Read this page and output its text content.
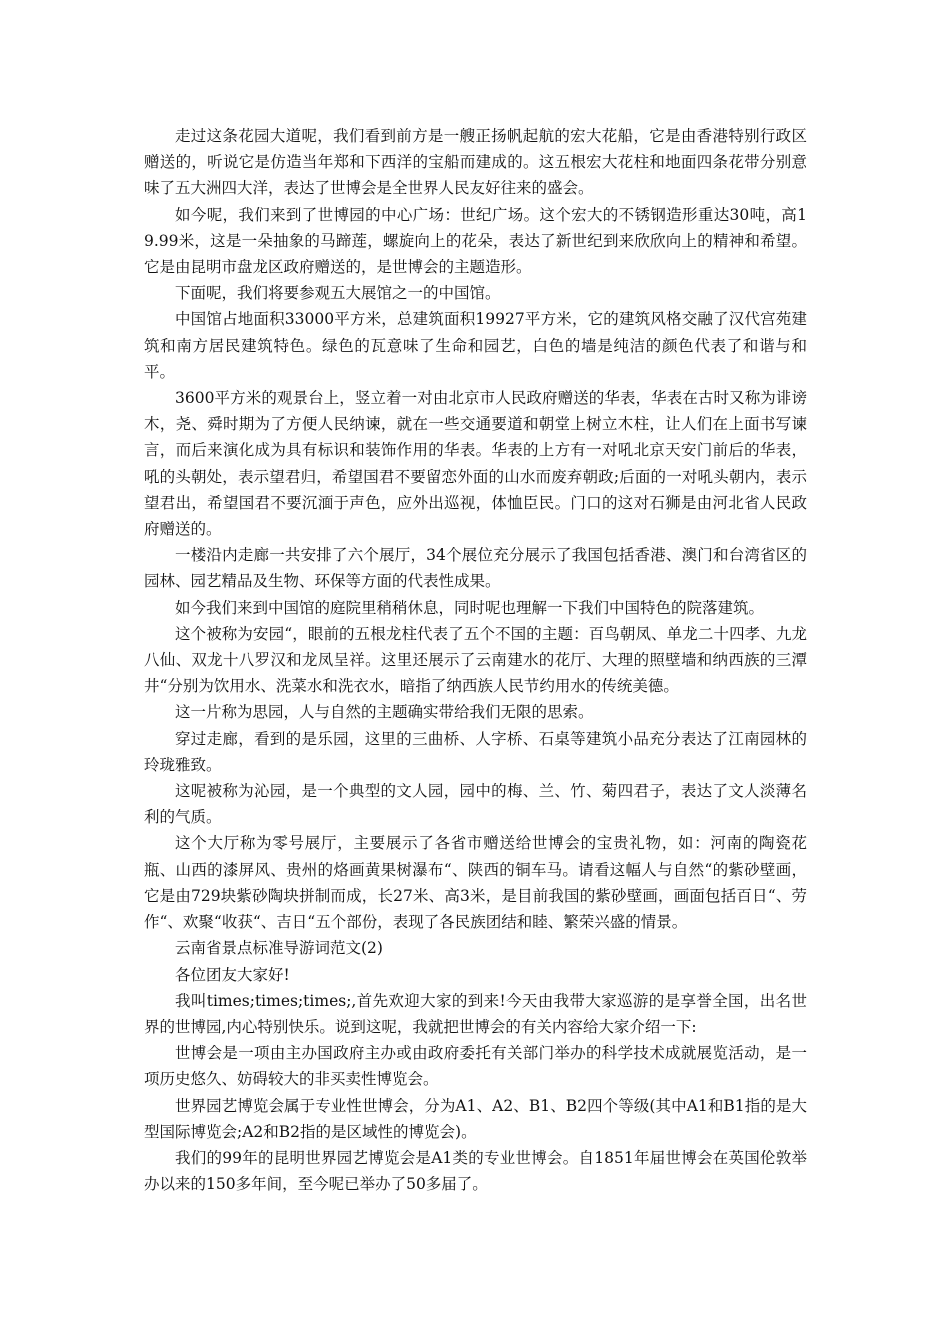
走过这条花园大道呢，我们看到前方是一艘正扬帆起航的宏大花船，它是由香港特别行政区赠送的，听说它是仿造当年郑和下西洋的宝船而建成的。这五根宏大花柱和地面四条花带分别意味了五大洲四大洋，表达了世博会是全世界人民友好往来的盛会。

如今呢，我们来到了世博园的中心广场：世纪广场。这个宏大的不锈钢造形重达30吨，高19.99米，这是一朵抽象的马蹄莲，螺旋向上的花朵，表达了新世纪到来欣欣向上的精神和希望。它是由昆明市盘龙区政府赠送的，是世博会的主题造形。

下面呢，我们将要参观五大展馆之一的中国馆。

中国馆占地面积33000平方米，总建筑面积19927平方米，它的建筑风格交融了汉代宫苑建筑和南方居民建筑特色。绿色的瓦意味了生命和园艺，白色的墙是纯洁的颜色代表了和谐与和平。

3600平方米的观景台上，竖立着一对由北京市人民政府赠送的华表，华表在古时又称为诽谤木，尧、舜时期为了方便人民纳谏，就在一些交通要道和朝堂上树立木柱，让人们在上面书写谏言，而后来演化成为具有标识和装饰作用的华表。华表的上方有一对吼北京天安门前后的华表，吼的头朝处，表示望君归，希望国君不要留恋外面的山水而废弃朝政;后面的一对吼头朝内，表示望君出，希望国君不要沉湎于声色，应外出巡视，体恤臣民。门口的这对石狮是由河北省人民政府赠送的。

一楼沿内走廊一共安排了六个展厅，34个展位充分展示了我国包括香港、澳门和台湾省区的园林、园艺精品及生物、环保等方面的代表性成果。

如今我们来到中国馆的庭院里稍稍休息，同时呢也理解一下我们中国特色的院落建筑。

这个被称为安园“，眼前的五根龙柱代表了五个不国的主题：百鸟朝凤、单龙二十四孝、九龙八仙、双龙十八罗汉和龙凤呈祥。这里还展示了云南建水的花厅、大理的照壁墙和纳西族的三潭井“分别为饮用水、洗菜水和洗衣水，暗指了纳西族人民节约用水的传统美德。

这一片称为思园，人与自然的主题确实带给我们无限的思索。

穿过走廊，看到的是乐园，这里的三曲桥、人字桥、石桌等建筑小品充分表达了江南园林的玲珑雅致。

这呢被称为沁园，是一个典型的文人园，园中的梅、兰、竹、菊四君子，表达了文人淡薄名利的气质。

这个大厅称为零号展厅，主要展示了各省市赠送给世博会的宝贵礼物，如：河南的陶瓷花瓶、山西的漆屏风、贵州的烙画黄果树瀑布“、陕西的铜车马。请看这幅人与自然“的紫砂壁画，它是由729块紫砂陶块拼制而成，长27米、高3米，是目前我国的紫砂壁画，画面包括百日“、劳作“、欢聚“收获“、吉日“五个部份，表现了各民族团结和睦、繁荣兴盛的情景。

云南省景点标准导游词范文(2)

各位团友大家好!

我叫times;times;times;,首先欢迎大家的到来!今天由我带大家巡游的是享誉全国，出名世界的世博园,内心特别快乐。说到这呢，我就把世博会的有关内容给大家介绍一下:

世博会是一项由主办国政府主办或由政府委托有关部门举办的科学技术成就展览活动，是一项历史悠久、妨碍较大的非买卖性博览会。

世界园艺博览会属于专业性世博会，分为A1、A2、B1、B2四个等级(其中A1和B1指的是大型国际博览会;A2和B2指的是区域性的博览会)。

我们的99年的昆明世界园艺博览会是A1类的专业世博会。自1851年届世博会在英国伦敦举办以来的150多年间，至今呢已举办了50多届了。
